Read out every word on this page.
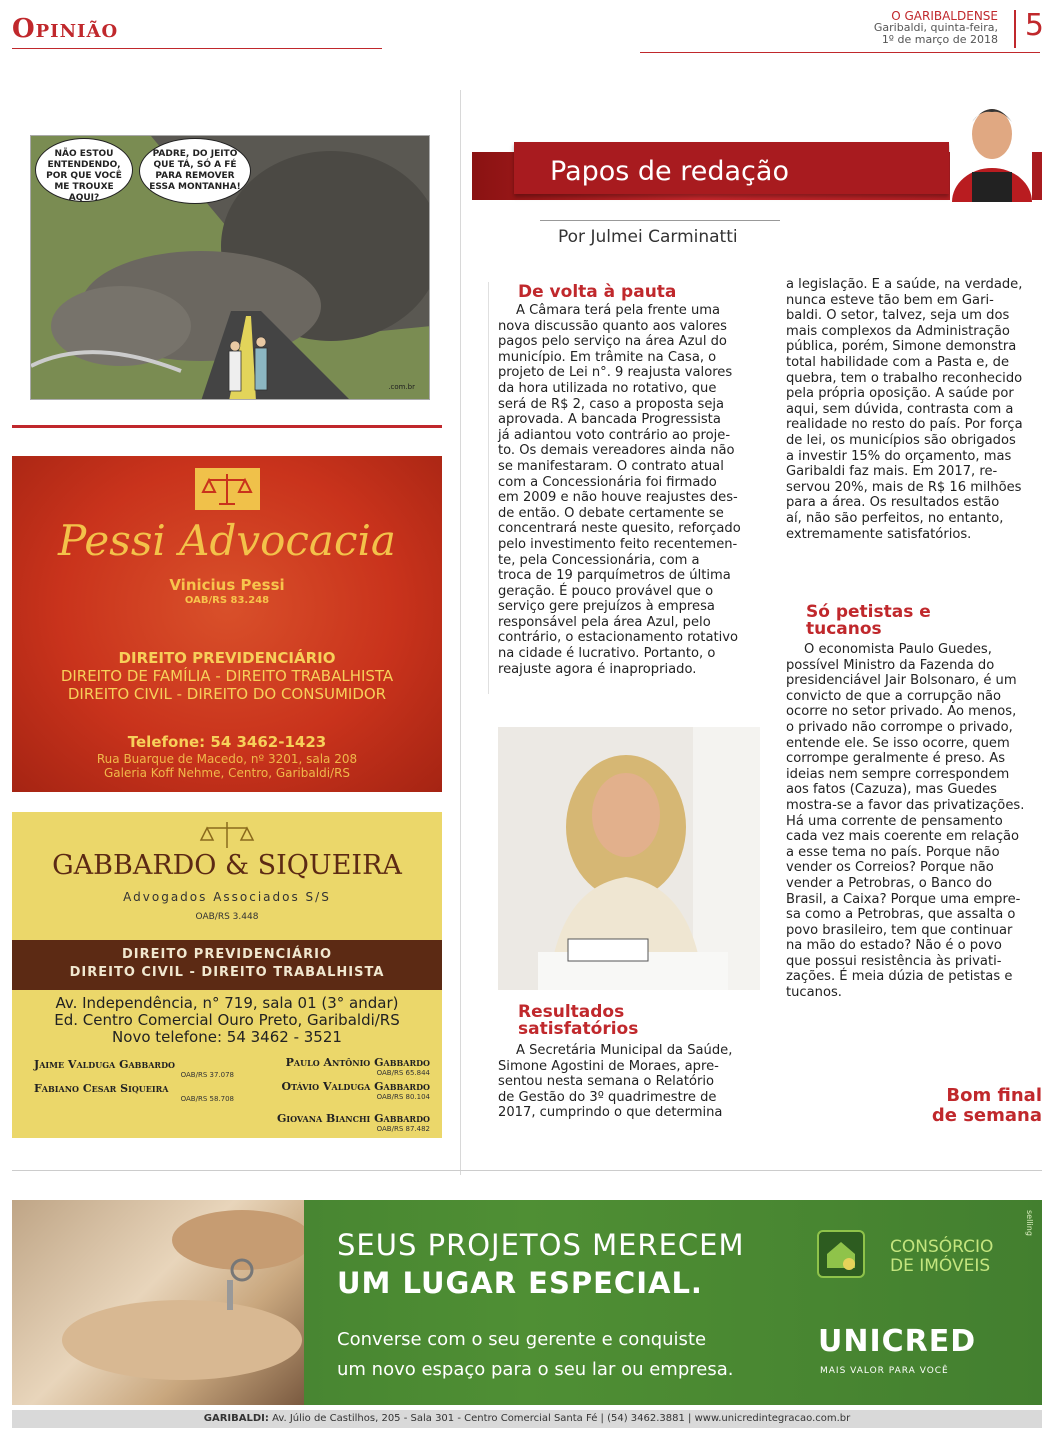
Opinião	O GARIBALDENSE
Garibaldi, quinta-feira,
1º de março de 2018 5
NÃO ESTOU ENTENDENDO, POR QUE VOCÊ ME TROUXE AQUI?
PADRE, DO JEITO QUE TÁ, SÓ A FÉ PARA REMOVER ESSA MONTANHA!
.com.br
Pessi Advocacia
Vinicius Pessi
OAB/RS 83.248
DIREITO PREVIDENCIÁRIO
DIREITO DE FAMÍLIA - DIREITO TRABALHISTA
DIREITO CIVIL - DIREITO DO CONSUMIDOR
Telefone: 54 3462-1423
Rua Buarque de Macedo, nº 3201, sala 208
Galeria Koff Nehme, Centro, Garibaldi/RS
GABBARDO & SIQUEIRA
Advogados Associados S/S
OAB/RS 3.448
DIREITO PREVIDENCIÁRIO
DIREITO CIVIL - DIREITO TRABALHISTA
Av. Independência, n° 719, sala 01 (3° andar)
Ed. Centro Comercial Ouro Preto, Garibaldi/RS
Novo telefone: 54 3462 - 3521
Jaime Valduga Gabbardo
OAB/RS 37.078
Paulo Antônio Gabbardo
OAB/RS 65.844
Fabiano Cesar Siqueira
OAB/RS 58.708
Otávio Valduga Gabbardo
OAB/RS 80.104
Giovana Bianchi Gabbardo
OAB/RS 87.482
Papos de redação
Por Julmei Carminatti
De volta à pauta
A Câmara terá pela frente uma
nova discussão quanto aos valores
pagos pelo serviço na área Azul do
município. Em trâmite na Casa, o
projeto de Lei n°. 9 reajusta valores
da hora utilizada no rotativo, que
será de R$ 2, caso a proposta seja
aprovada. A bancada Progressista
já adiantou voto contrário ao proje-
to. Os demais vereadores ainda não
se manifestaram. O contrato atual
com a Concessionária foi firmado
em 2009 e não houve reajustes des-
de então. O debate certamente se
concentrará neste quesito, reforçado
pelo investimento feito recentemen-
te, pela Concessionária, com a
troca de 19 parquímetros de última
geração. É pouco provável que o
serviço gere prejuízos à empresa
responsável pela área Azul, pelo
contrário, o estacionamento rotativo
na cidade é lucrativo. Portanto, o
reajuste agora é inapropriado.
Resultados
satisfatórios
A Secretária Municipal da Saúde,
Simone Agostini de Moraes, apre-
sentou nesta semana o Relatório
de Gestão do 3º quadrimestre de
2017, cumprindo o que determina
a legislação. E a saúde, na verdade,
nunca esteve tão bem em Gari-
baldi. O setor, talvez, seja um dos
mais complexos da Administração
pública, porém, Simone demonstra
total habilidade com a Pasta e, de
quebra, tem o trabalho reconhecido
pela própria oposição. A saúde por
aqui, sem dúvida, contrasta com a
realidade no resto do país. Por força
de lei, os municípios são obrigados
a investir 15% do orçamento, mas
Garibaldi faz mais. Em 2017, re-
servou 20%, mais de R$ 16 milhões
para a área. Os resultados estão
aí, não são perfeitos, no entanto,
extremamente satisfatórios.
Só petistas e
tucanos
O economista Paulo Guedes,
possível Ministro da Fazenda do
presidenciável Jair Bolsonaro, é um
convicto de que a corrupção não
ocorre no setor privado. Ao menos,
o privado não corrompe o privado,
entende ele. Se isso ocorre, quem
corrompe geralmente é preso. As
ideias nem sempre correspondem
aos fatos (Cazuza), mas Guedes
mostra-se a favor das privatizações.
Há uma corrente de pensamento
cada vez mais coerente em relação
a esse tema no país. Porque não
vender os Correios? Porque não
vender a Petrobras, o Banco do
Brasil, a Caixa? Porque uma empre-
sa como a Petrobras, que assalta o
povo brasileiro, tem que continuar
na mão do estado? Não é o povo
que possui resistência às privati-
zações. É meia dúzia de petistas e
tucanos.
Bom final
de semana
SEUS PROJETOS MERECEM
UM LUGAR ESPECIAL.
Converse com o seu gerente e conquiste
um novo espaço para o seu lar ou empresa.
CONSÓRCIO
DE IMÓVEIS
UNICRED
MAIS VALOR PARA VOCÊ
selling
GARIBALDI: Av. Júlio de Castilhos, 205 - Sala 301 - Centro Comercial Santa Fé | (54) 3462.3881 | www.unicredintegracao.com.br
